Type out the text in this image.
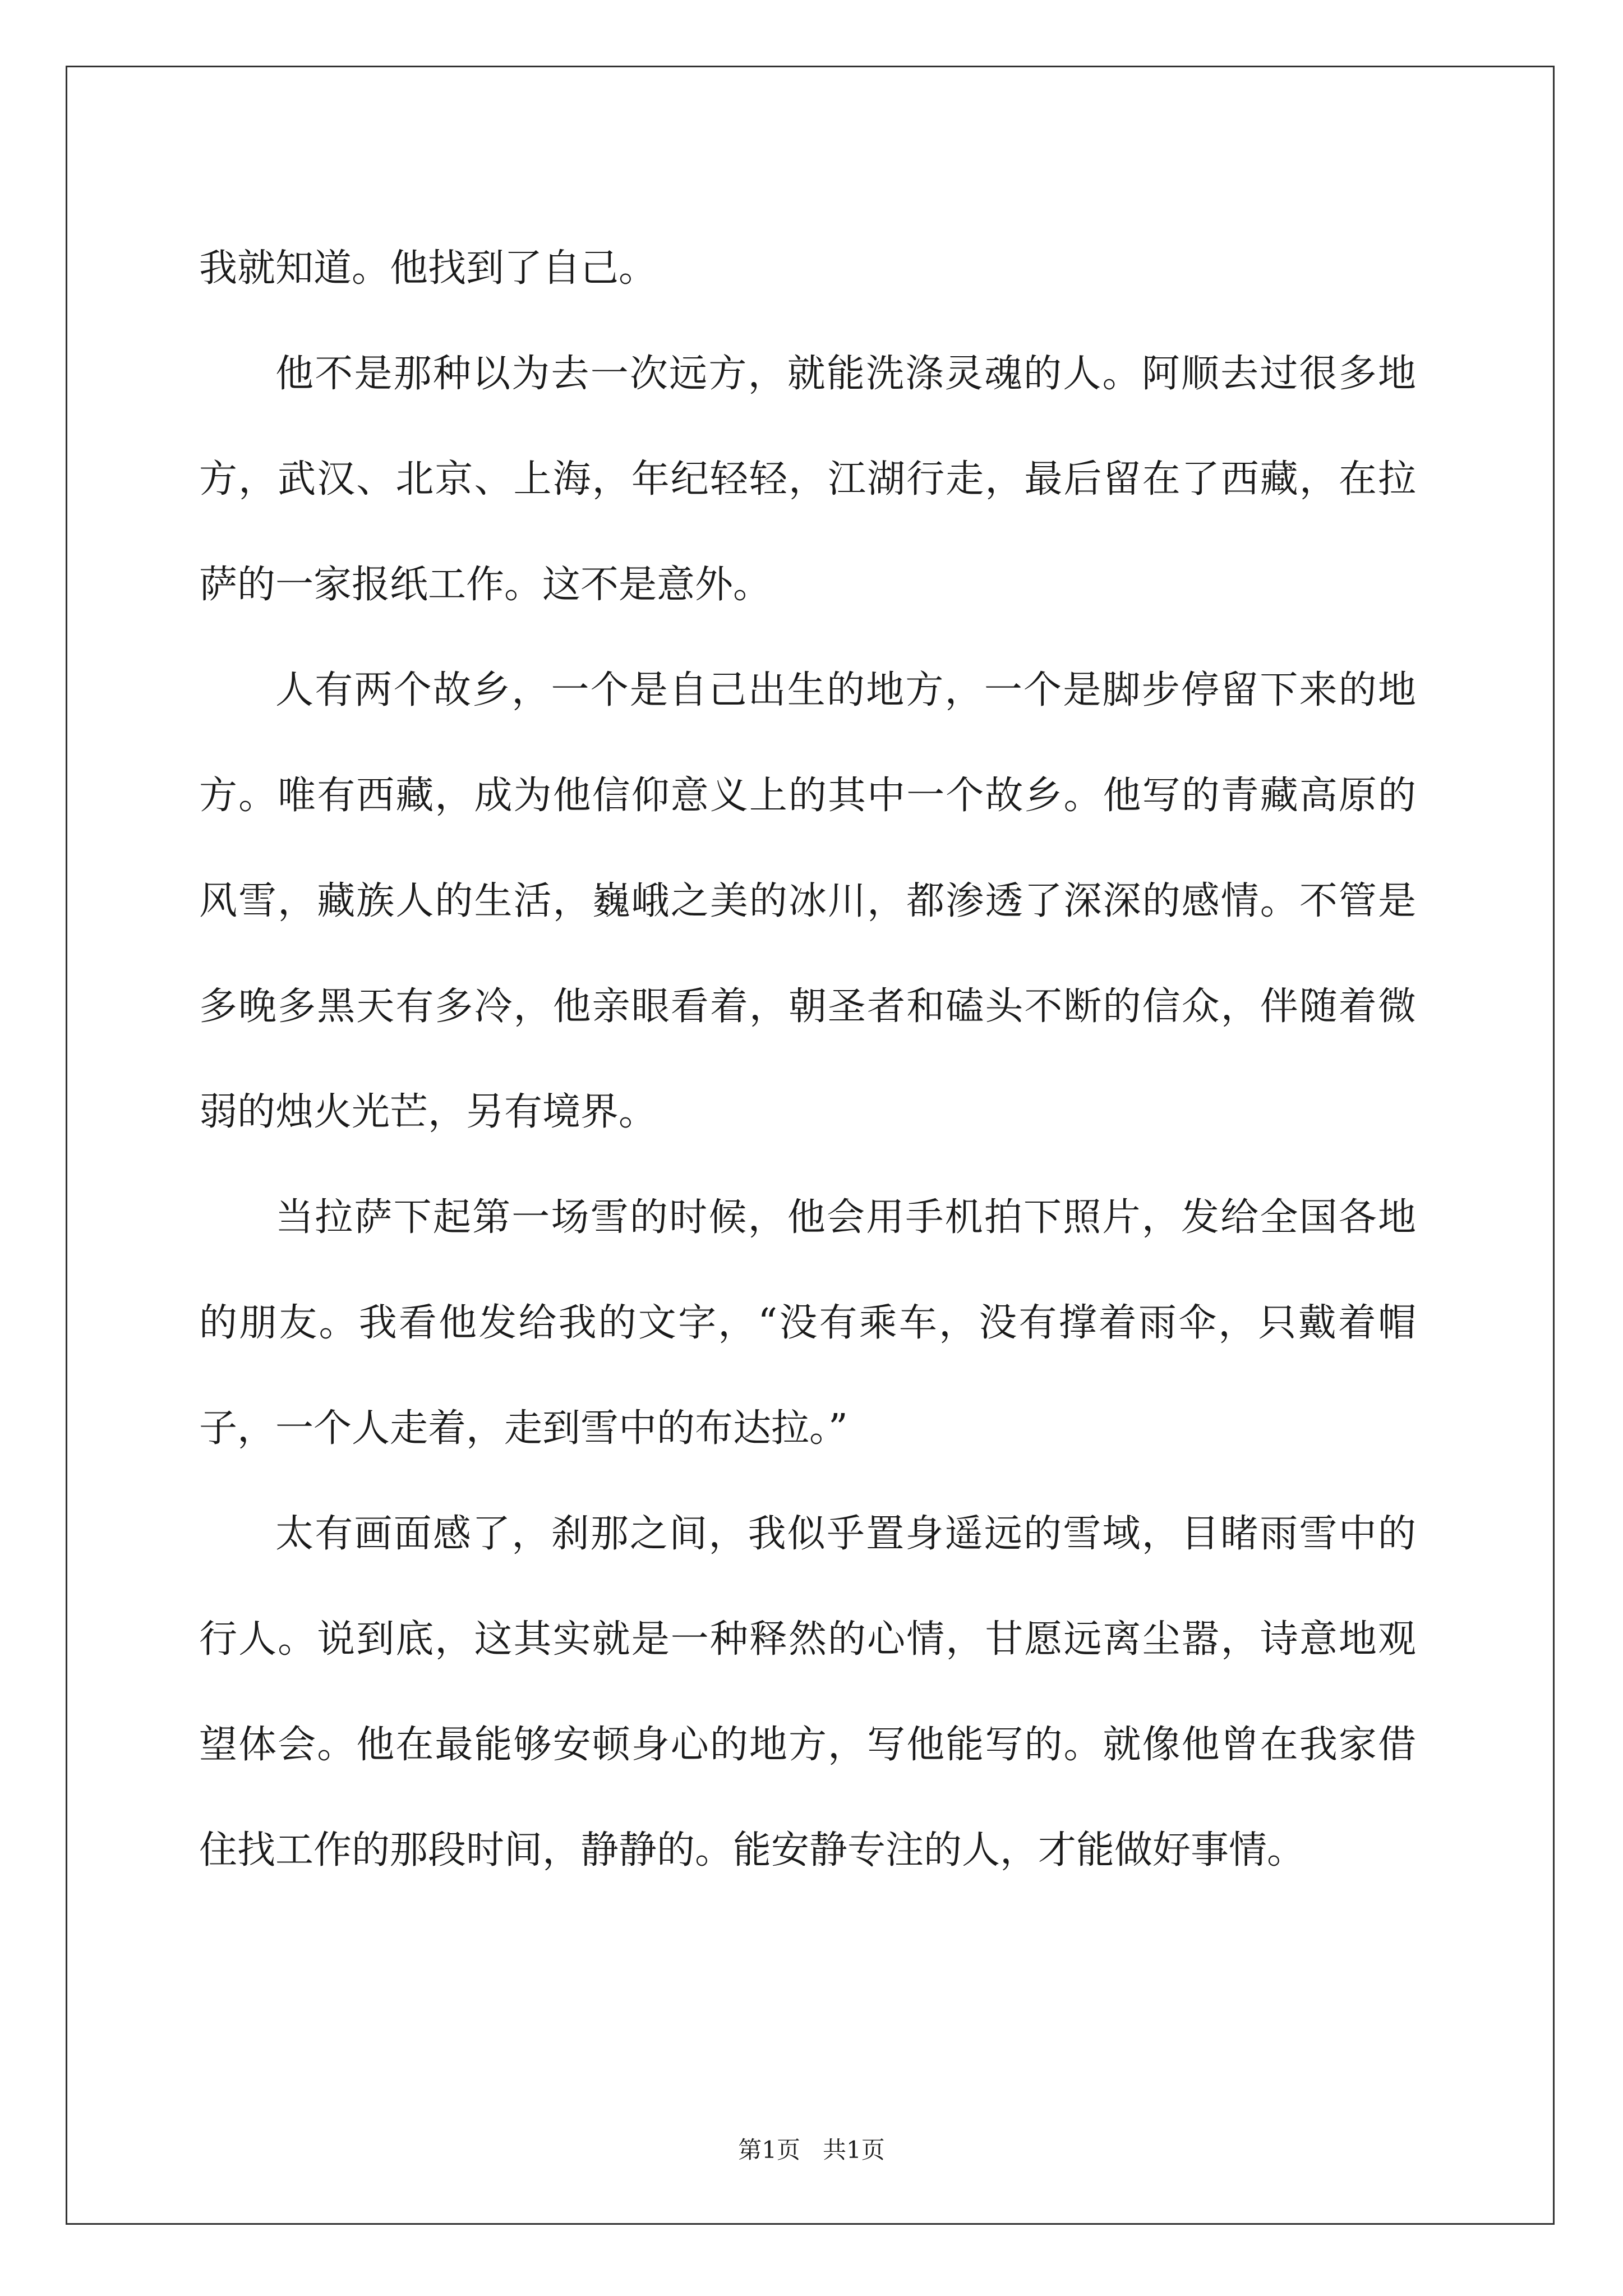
我就知道。他找到了自己。

他不是那种以为去一次远方，就能洗涤灵魂的人。阿顺去过很多地方，武汉、北京、上海，年纪轻轻，江湖行走，最后留在了西藏，在拉萨的一家报纸工作。这不是意外。

人有两个故乡，一个是自己出生的地方，一个是脚步停留下来的地方。唯有西藏，成为他信仰意义上的其中一个故乡。他写的青藏高原的风雪，藏族人的生活，巍峨之美的冰川，都渗透了深深的感情。不管是多晚多黑天有多冷，他亲眼看着，朝圣者和磕头不断的信众，伴随着微弱的烛火光芒，另有境界。

当拉萨下起第一场雪的时候，他会用手机拍下照片，发给全国各地的朋友。我看他发给我的文字，“没有乘车，没有撑着雨伞，只戴着帽子，一个人走着，走到雪中的布达拉。”

太有画面感了，刹那之间，我似乎置身遥远的雪域，目睹雨雪中的行人。说到底，这其实就是一种释然的心情，甘愿远离尘嚣，诗意地观望体会。他在最能够安顿身心的地方，写他能写的。就像他曾在我家借住找工作的那段时间，静静的。能安静专注的人，才能做好事情。

第1页 共1页
